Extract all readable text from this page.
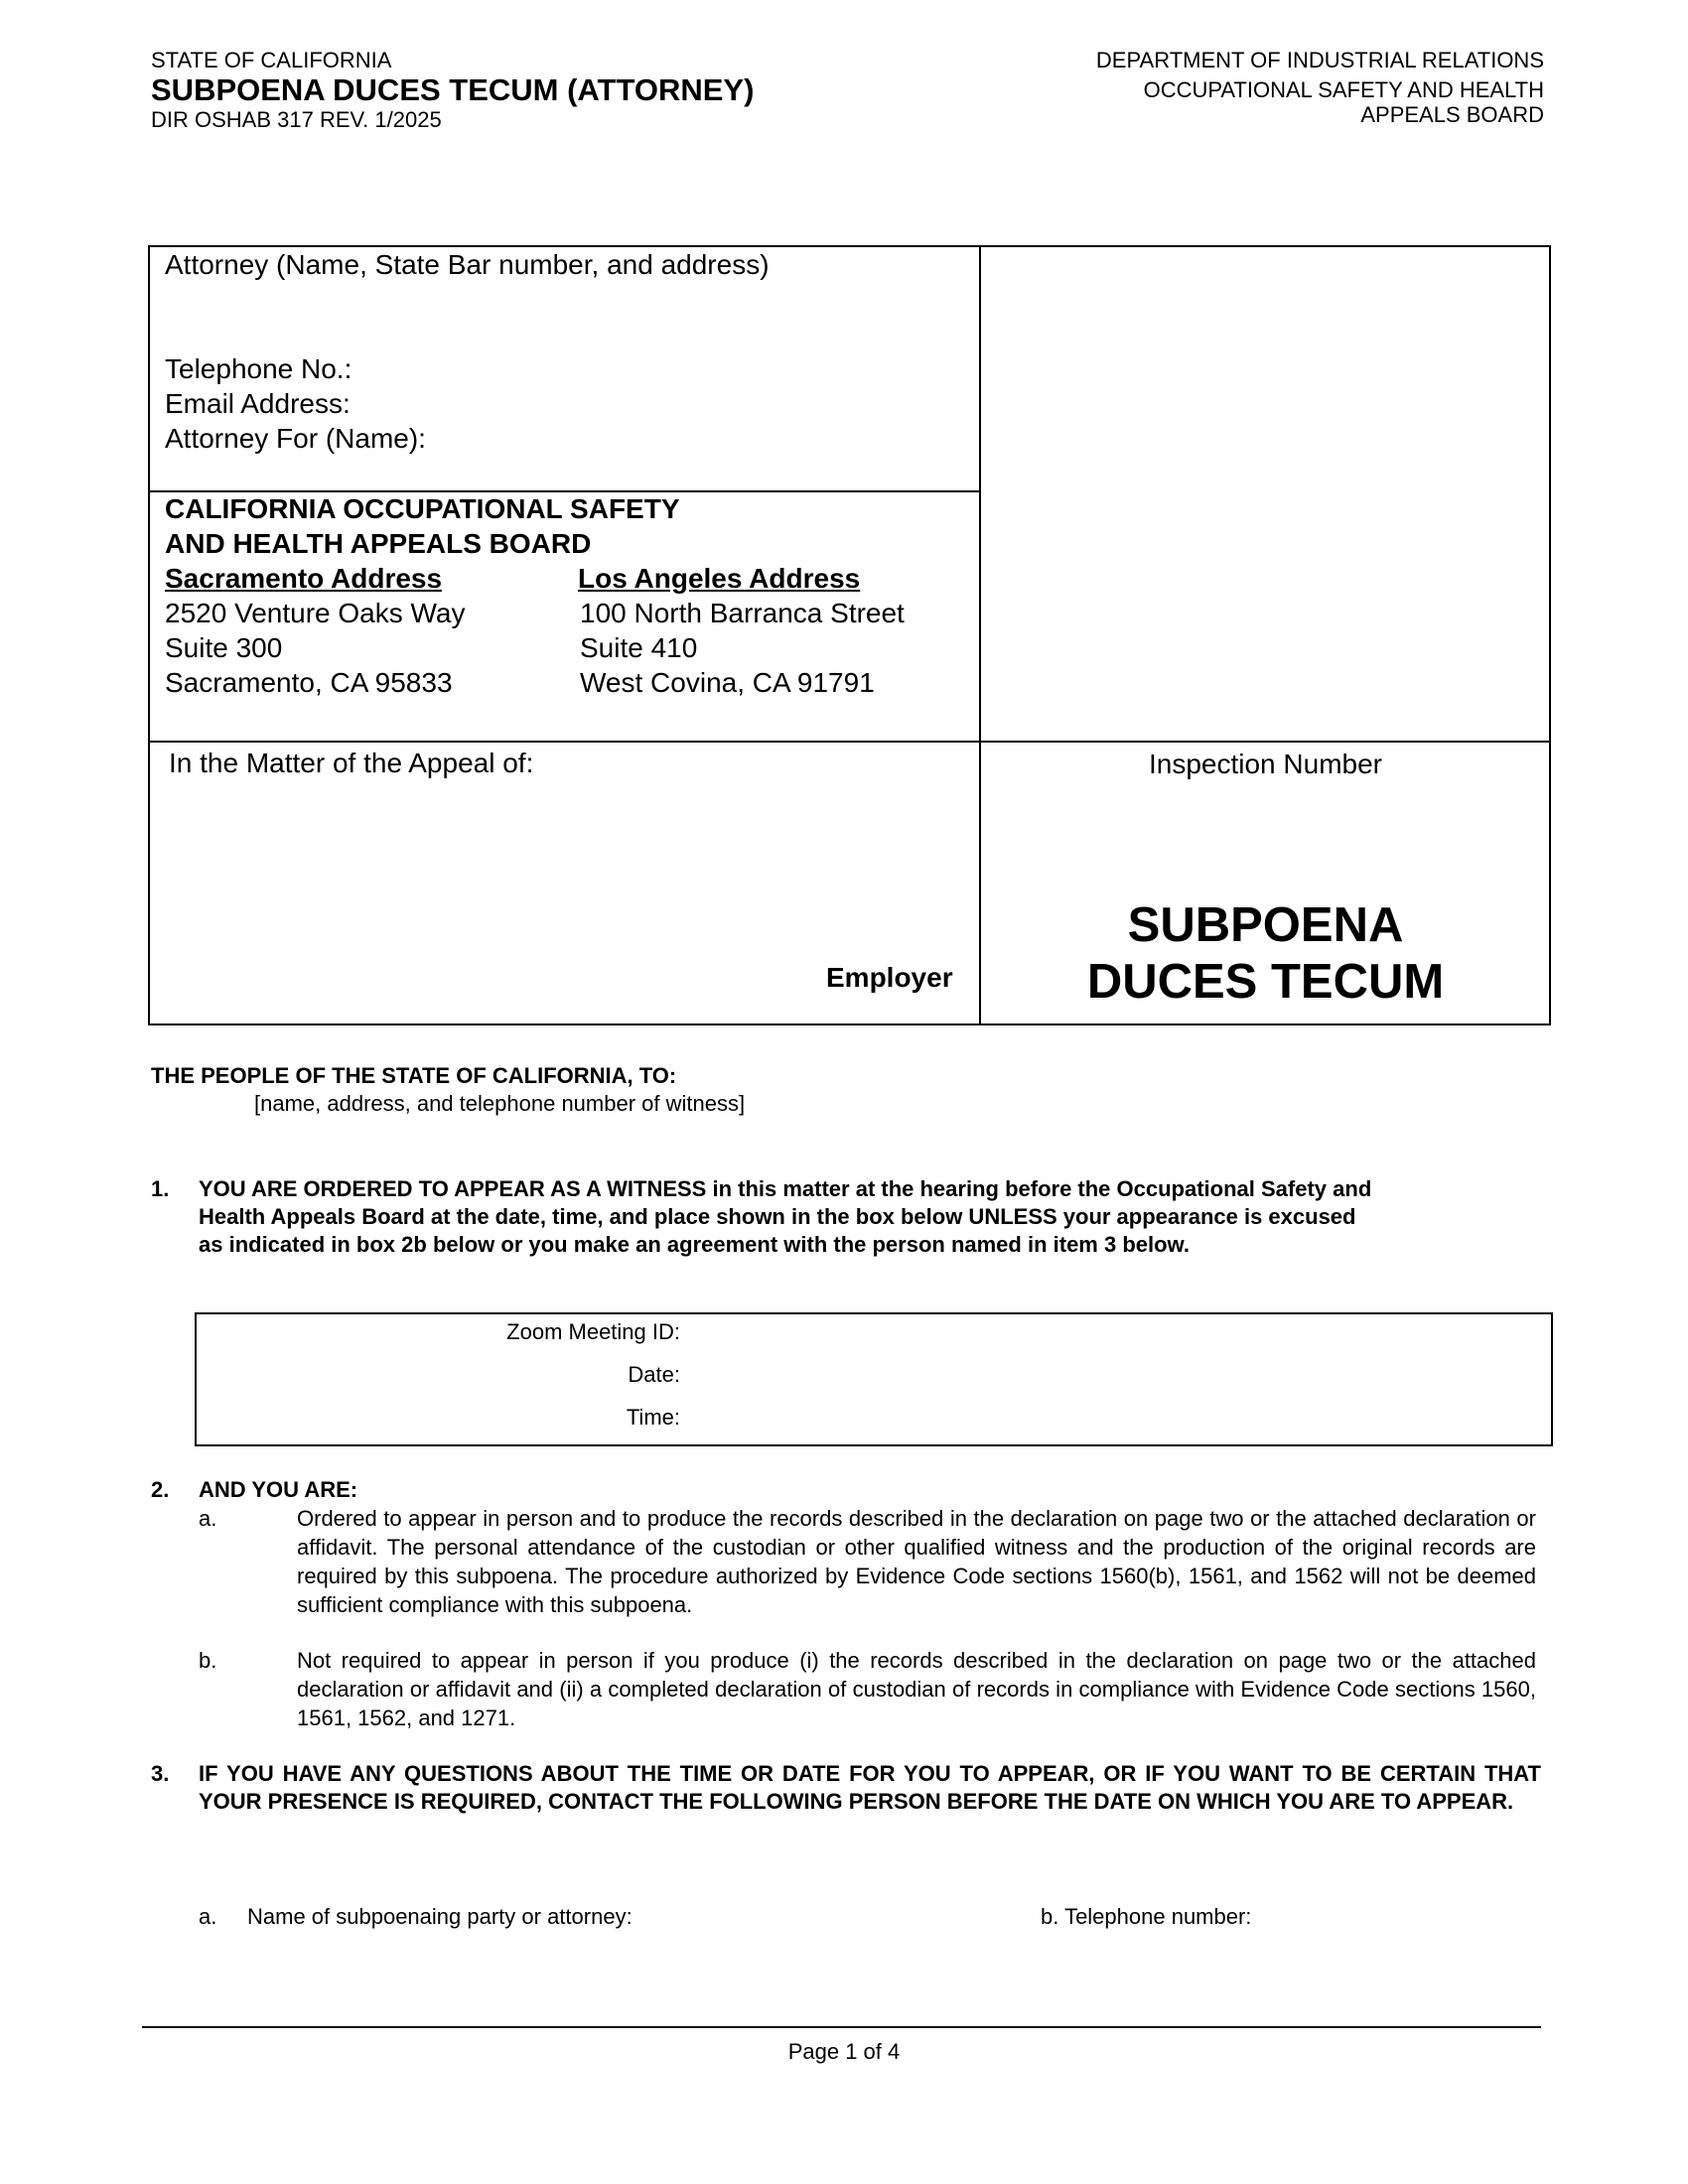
STATE OF CALIFORNIA
SUBPOENA DUCES TECUM (ATTORNEY)
DIR OSHAB 317 REV. 1/2025
DEPARTMENT OF INDUSTRIAL RELATIONS
OCCUPATIONAL SAFETY AND HEALTH
APPEALS BOARD
Attorney (Name, State Bar number, and address)
Telephone No.:
Email Address:
Attorney For (Name):
CALIFORNIA OCCUPATIONAL SAFETY
AND HEALTH APPEALS BOARD
Sacramento Address
2520 Venture Oaks Way
Suite 300
Sacramento, CA 95833
Los Angeles Address
100 North Barranca Street
Suite 410
West Covina, CA 91791
In the Matter of the Appeal of:
Employer
Inspection Number
SUBPOENA
DUCES TECUM
THE PEOPLE OF THE STATE OF CALIFORNIA, TO:
[name, address, and telephone number of witness]
1. YOU ARE ORDERED TO APPEAR AS A WITNESS in this matter at the hearing before the Occupational Safety and
Health Appeals Board at the date, time, and place shown in the box below UNLESS your appearance is excused
as indicated in box 2b below or you make an agreement with the person named in item 3 below.
Zoom Meeting ID:
Date:
Time:
2. AND YOU ARE:
a.	Ordered to appear in person and to produce the records described in the declaration on page two or the attached declaration or affidavit. The personal attendance of the custodian or other qualified witness and the production of the original records are required by this subpoena. The procedure authorized by Evidence Code sections 1560(b), 1561, and 1562 will not be deemed sufficient compliance with this subpoena.
b.	Not required to appear in person if you produce (i) the records described in the declaration on page two or the attached declaration or affidavit and (ii) a completed declaration of custodian of records in compliance with Evidence Code sections 1560, 1561, 1562, and 1271.
3. IF YOU HAVE ANY QUESTIONS ABOUT THE TIME OR DATE FOR YOU TO APPEAR, OR IF YOU WANT TO BE CERTAIN THAT YOUR PRESENCE IS REQUIRED, CONTACT THE FOLLOWING PERSON BEFORE THE DATE ON WHICH YOU ARE TO APPEAR.
a. Name of subpoenaing party or attorney:	b. Telephone number:
Page 1 of 4
